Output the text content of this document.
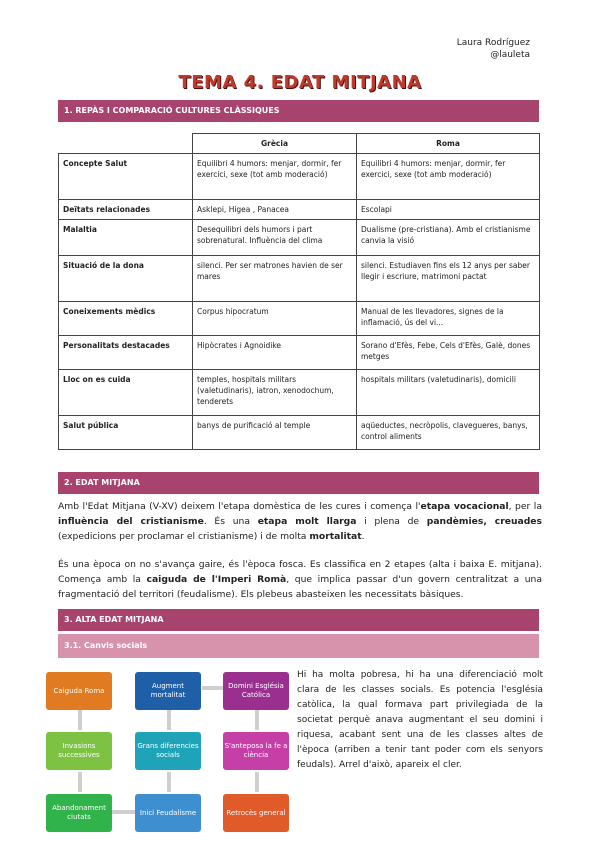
Laura Rodríguez
@lauleta
TEMA 4. EDAT MITJANA
1. REPÀS I COMPARACIÓ CULTURES CLÀSSIQUES
	Grècia	Roma
Concepte Salut	Equilibri 4 humors: menjar, dormir, fer exercici, sexe (tot amb moderació)	Equilibri 4 humors: menjar, dormir, fer exercici, sexe (tot amb moderació)
Deïtats relacionades	Asklepi, Higea , Panacea	Escolapi
Malaltia	Desequilibri dels humors i part sobrenatural. Influència del clima	Dualisme (pre-cristiana). Amb el cristianisme canvia la visió
Situació de la dona	silenci. Per ser matrones havien de ser mares	silenci. Estudiaven fins els 12 anys per saber llegir i escriure, matrimoni pactat
Coneixements mèdics	Corpus hipocratum	Manual de les llevadores, signes de la inflamació, ús del vi...
Personalitats destacades	Hipòcrates i Agnoidike	Sorano d'Efès, Febe, Cels d'Efès, Galè, dones metges
Lloc on es cuida	temples, hospitals militars (valetudinaris), iatron, xenodochum, tenderets	hospitals militars (valetudinaris), domicili
Salut pública	banys de purificació al temple	aqüeductes, necròpolis, clavegueres, banys, control aliments
2. EDAT MITJANA
Amb l'Edat Mitjana (V-XV) deixem l'etapa domèstica de les cures i comença l'etapa vocacional, per la influència del cristianisme. És una etapa molt llarga i plena de pandèmies, creuades (expedicions per proclamar el cristianisme) i de molta mortalitat.
És una època on no s'avança gaire, és l'època fosca. Es classifica en 2 etapes (alta i baixa E. mitjana). Comença amb la caiguda de l'Imperi Romà, que implica passar d'un govern centralitzat a una fragmentació del territori (feudalisme). Els plebeus abasteixen les necessitats bàsiques.
3. ALTA EDAT MITJANA
3.1. Canvis socials
Caiguda Roma
Invasions successives
Abandonament ciutats
Augment mortalitat
Grans diferencies socials
Inici Feudalisme
Domini Església Católica
S'anteposa la fe a ciència
Retrocès general
Hi ha molta pobresa, hi ha una diferenciació molt clara de les classes socials. Es potencia l'església catòlica, la qual formava part privilegiada de la societat perquè anava augmentant el seu domini i riquesa, acabant sent una de les classes altes de l'època (arriben a tenir tant poder com els senyors feudals). Arrel d'això, apareix el cler.
